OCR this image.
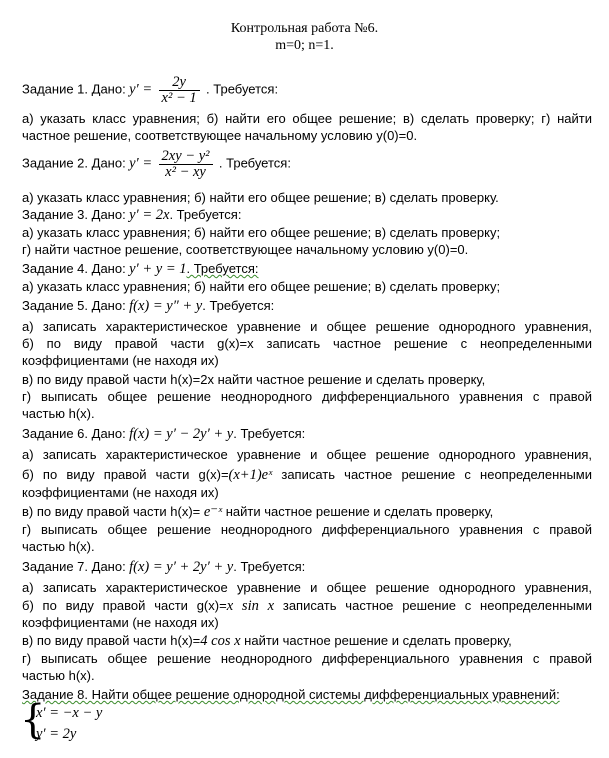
Контрольная работа №6.
m=0; n=1.
Задание 1. Дано: $y' = \frac{2y}{\text{x² − 1}}$ . Требуется:
а) указать класс уравнения; б) найти его общее решение; в) сделать проверку; г) найти
частное решение, соответствующее начальному условию y(0)=0.
Задание 2. Дано: $y' = \frac{\text{2xy − y²}}{\text{x² − xy}}$ . Требуется:
а) указать класс уравнения; б) найти его общее решение; в) сделать проверку.
Задание 3. Дано: y′ = 2x. Требуется:
а) указать класс уравнения; б) найти его общее решение; в) сделать проверку;
г) найти частное решение, соответствующее начальному условию y(0)=0.
Задание 4. Дано: y′ + y = 1. Требуется:
а) указать класс уравнения; б) найти его общее решение; в) сделать проверку;
Задание 5. Дано: f(x) = y″ + y. Требуется:
а) записать характеристическое уравнение и общее решение однородного уравнения,
б) по виду правой части g(x)=x записать частное решение с неопределенными
коэффициентами (не находя их)
в) по виду правой части h(x)=2x найти частное решение и сделать проверку,
г) выписать общее решение неоднородного дифференциального уравнения с правой
частью h(x).
Задание 6. Дано: f(x) = y′ − 2y′ + y. Требуется:
а) записать характеристическое уравнение и общее решение однородного уравнения,
б) по виду правой части g(x)=(x+1)eˣ записать частное решение с неопределенными
коэффициентами (не находя их)
в) по виду правой части h(x)= e⁻ˣ найти частное решение и сделать проверку,
г) выписать общее решение неоднородного дифференциального уравнения с правой
частью h(x).
Задание 7. Дано: f(x) = y′ + 2y′ + y. Требуется:
а) записать характеристическое уравнение и общее решение однородного уравнения,
б) по виду правой части g(x)=x sin x записать частное решение с неопределенными
коэффициентами (не находя их)
в) по виду правой части h(x)=4 cos x найти частное решение и сделать проверку,
г) выписать общее решение неоднородного дифференциального уравнения с правой
частью h(x).
Задание 8. Найти общее решение однородной системы дифференциальных уравнений:
{
x′ = −x − y
y′ = 2y
